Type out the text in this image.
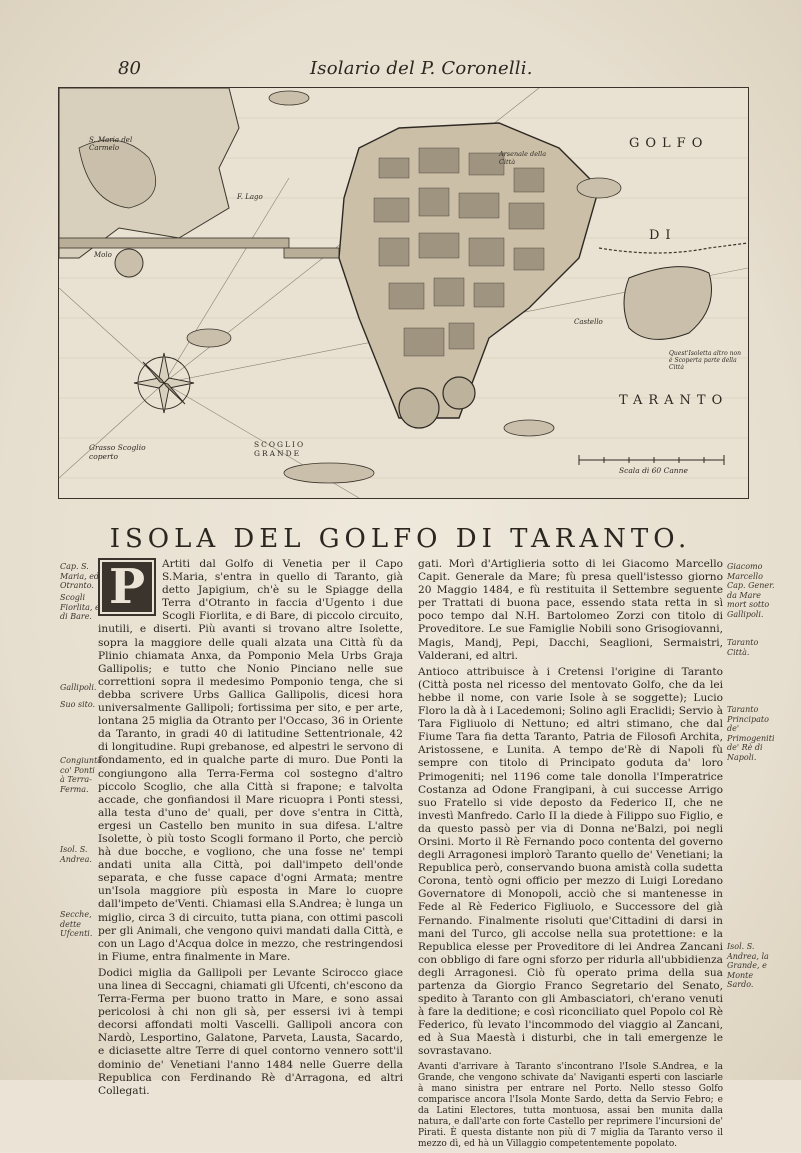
80	Isolario del P. Coronelli.
GOLFO
DI
TARANTO
S. Maria del Carmelo
Molo
F. Lago
Arsenale della Città
Castello
Quest'Isoletta altro non è Scoperta parte della Città
SCOGLIO GRANDE
Grasso Scoglio coperto
Scala di 60 Canne
ISOLA DEL GOLFO DI TARANTO.

P	Artiti dal Golfo di Venetia per il Capo S.Maria, s'entra in quello di Taranto, già detto Japigium, ch'è su le Spiagge della Terra d'Otranto in faccia d'Ugento i due Scogli Fiorlita, e di Bare, di piccolo circuito, inutili, e diserti. Più avanti si trovano altre Isolette, sopra la maggiore delle quali alzata una Città fù da Plinio chiamata Anxa, da Pomponio Mela Urbs Graja Gallipolis; e tutto che Nonio Pinciano nelle sue correttioni sopra il medesimo Pomponio tenga, che si debba scrivere Urbs Gallica Gallipolis, dicesi hora universalmente Gallipoli; fortissima per sito, e per arte, lontana 25 miglia da Otranto per l'Occaso, 36 in Oriente da Taranto, in gradi 40 di latitudine Settentrionale, 42 di longitudine. Rupi grebanose, ed alpestri le servono di fondamento, ed in qualche parte di muro. Due Ponti la congiungono alla Terra-Ferma col sostegno d'altro piccolo Scoglio, che alla Città si frapone; e talvolta accade, che gonfiandosi il Mare ricuopra i Ponti stessi, alla testa d'uno de' quali, per dove s'entra in Città, ergesi un Castello ben munito in sua difesa. L'altre Isolette, ò più tosto Scogli formano il Porto, che perciò hà due bocche, e vogliono, che una fosse ne' tempi andati unita alla Città, poi dall'impeto dell'onde separata, e che fusse capace d'ogni Armata; mentre un'Isola maggiore più esposta in Mare lo cuopre dall'impeto de'Venti. Chiamasi ella S.Andrea; è lunga un miglio, circa 3 di circuito, tutta piana, con ottimi pascoli per gli Animali, che vengono quivi mandati dalla Città, e con un Lago d'Acqua dolce in mezzo, che restringendosi in Fiume, entra finalmente in Mare.

Dodici miglia da Gallipoli per Levante Scirocco giace una linea di Seccagni, chiamati gli Ufcenti, ch'escono da Terra-Ferma per buono tratto in Mare, e sono assai pericolosi à chi non gli sà, per essersi ivi à tempi decorsi affondati molti Vascelli. Gallipoli ancora con Nardò, Lesportino, Galatone, Parveta, Lausta, Sacardo, e diciasette altre Terre di quel contorno vennero sott'il dominio de' Venetiani l'anno 1484 nelle Guerre della Republica con Ferdinando Rè d'Arragona, ed altri Collegati.

gati. Morì d'Artiglieria sotto di lei Giacomo Marcello Capit. Generale da Mare; fù presa quell'istesso giorno 20 Maggio 1484, e fù restituita il Settembre seguente per Trattati di buona pace, essendo stata retta in sì poco tempo dal N.H. Bartolomeo Zorzi con titolo di Proveditore. Le sue Famiglie Nobili sono Grisogiovanni, Magis, Mandj, Pepi, Dacchi, Seaglioni, Sermaistri, Valderani, ed altri.

Antioco attribuisce à i Cretensi l'origine di Taranto (Città posta nel ricesso del mentovato Golfo, che da lei hebbe il nome, con varie Isole à se soggette); Lucio Floro la dà à i Lacedemoni; Solino agli Eraclidi; Servio à Tara Figliuolo di Nettuno; ed altri stimano, che dal Fiume Tara fia detta Taranto, Patria de Filosofi Archita, Aristossene, e Lunita. A tempo de'Rè di Napoli fù sempre con titolo di Principato goduta da' loro Primogeniti; nel 1196 come tale donolla l'Imperatrice Costanza ad Odone Frangipani, à cui successe Arrigo suo Fratello si vide deposto da Federico II, che ne investì Manfredo. Carlo II la diede à Filippo suo Figlio, e da questo passò per via di Donna ne'Balzi, poi negli Orsini. Morto il Rè Fernando poco contenta del governo degli Arragonesi implorò Taranto quello de' Venetiani; la Republica però, conservando buona amistà colla sudetta Corona, tentò ogni officio per mezzo di Luigi Loredano Governatore di Monopoli, acciò che si mantenesse in Fede al Rè Federico Figliuolo, e Successore del già Fernando. Finalmente risoluti que'Cittadini di darsi in mani del Turco, gli accolse nella sua protettione: e la Republica elesse per Proveditore di lei Andrea Zancani con obbligo di fare ogni sforzo per ridurla all'ubbidienza degli Arragonesi. Ciò fù operato prima della sua partenza da Giorgio Franco Segretario del Senato, spedito à Taranto con gli Ambasciatori, ch'erano venuti à fare la deditione; e così riconciliato quel Popolo col Rè Federico, fù levato l'incommodo del viaggio al Zancani, ed à Sua Maestà i disturbi, che in tali emergenze le sovrastavano.

Avanti d'arrivare à Taranto s'incontrano l'Isole S.Andrea, e la Grande, che vengono schivate da' Naviganti esperti con lasciarle à mano sinistra per entrare nel Porto. Nello stesso Golfo comparisce ancora l'Isola Monte Sardo, detta da Servio Febro; e da Latini Electores, tutta montuosa, assai ben munita dalla natura, e dall'arte con forte Castello per reprimere l'incursioni de' Pirati. È questa distante non più di 7 miglia da Taranto verso il mezzo dì, ed hà un Villaggio competentemente popolato.

Cap. S. Maria, ed Otranto.
Scogli Fiorlita, e di Bare.
Gallipoli.
Suo sito.
Congiunta co' Ponti à Terra-Ferma.
Isol. S. Andrea.
Secche, dette Ufcenti.
Giacomo Marcello Cap. Gener. da Mare mort sotto Gallipoli.
Taranto Città.
Taranto Principato de' Primogeniti de' Rè di Napoli.
Isol. S. Andrea, la Grande, e Monte Sardo.
